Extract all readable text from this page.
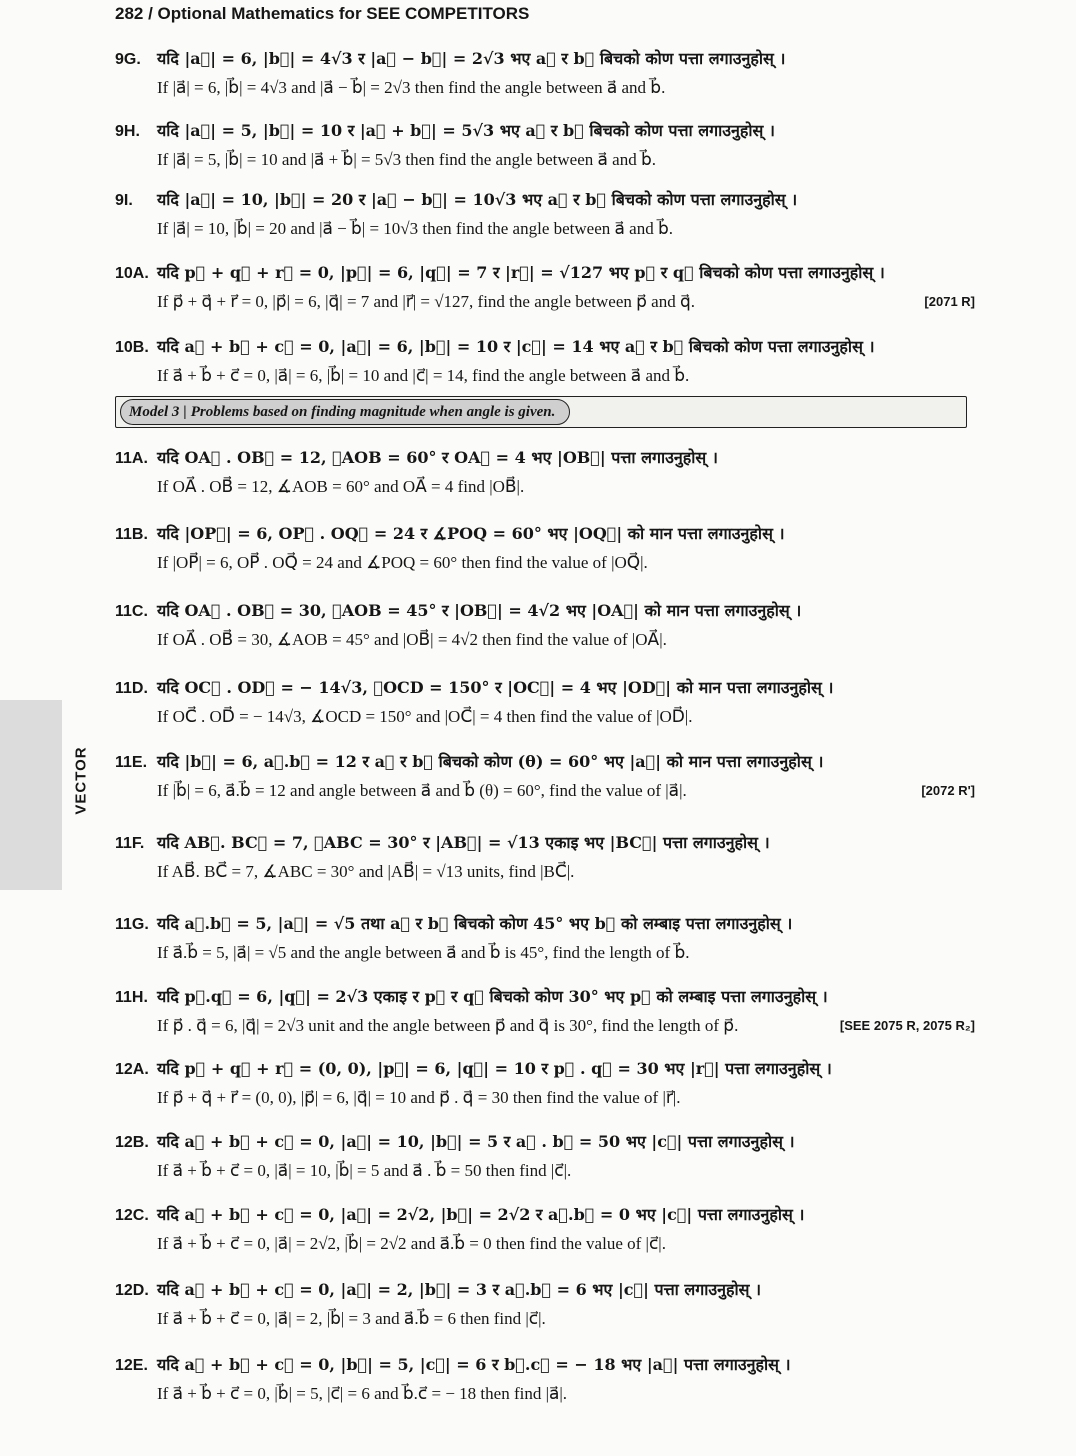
282 / Optional Mathematics for SEE COMPETITORS
VECTOR
9G. यदि |a⃗| = 6, |b⃗| = 4√3 र |a⃗ − b⃗| = 2√3 भए a⃗ र b⃗ बिचको कोण पत्ता लगाउनुहोस् ।
If |a⃗| = 6, |b⃗| = 4√3 and |a⃗ − b⃗| = 2√3 then find the angle between a⃗ and b⃗.
9H. यदि |a⃗| = 5, |b⃗| = 10 र |a⃗ + b⃗| = 5√3 भए a⃗ र b⃗ बिचको कोण पत्ता लगाउनुहोस् ।
If |a⃗| = 5, |b⃗| = 10 and |a⃗ + b⃗| = 5√3 then find the angle between a⃗ and b⃗.
9I. यदि |a⃗| = 10, |b⃗| = 20 र |a⃗ − b⃗| = 10√3 भए a⃗ र b⃗ बिचको कोण पत्ता लगाउनुहोस् ।
If |a⃗| = 10, |b⃗| = 20 and |a⃗ − b⃗| = 10√3 then find the angle between a⃗ and b⃗.
10A. यदि p⃗ + q⃗ + r⃗ = 0, |p⃗| = 6, |q⃗| = 7 र |r⃗| = √127 भए p⃗ र q⃗ बिचको कोण पत्ता लगाउनुहोस् ।
If p⃗ + q⃗ + r⃗ = 0, |p⃗| = 6, |q⃗| = 7 and |r⃗| = √127, find the angle between p⃗ and q⃗.	[2071 R]
10B. यदि a⃗ + b⃗ + c⃗ = 0, |a⃗| = 6, |b⃗| = 10 र |c⃗| = 14 भए a⃗ र b⃗ बिचको कोण पत्ता लगाउनुहोस् ।
If a⃗ + b⃗ + c⃗ = 0, |a⃗| = 6, |b⃗| = 10 and |c⃗| = 14, find the angle between a⃗ and b⃗.
Model 3 | Problems based on finding magnitude when angle is given.
11A. यदि OA⃗ . OB⃗ = 12, ∡AOB = 60° र OA⃗ = 4 भए |OB⃗| पत्ता लगाउनुहोस् ।
If OA⃗ . OB⃗ = 12, ∡AOB = 60° and OA⃗ = 4 find |OB⃗|.
11B. यदि |OP⃗| = 6, OP⃗ . OQ⃗ = 24 र ∡POQ = 60° भए |OQ⃗| को मान पत्ता लगाउनुहोस् ।
If |OP⃗| = 6, OP⃗ . OQ⃗ = 24 and ∡POQ = 60° then find the value of |OQ⃗|.
11C. यदि OA⃗ . OB⃗ = 30, ∡AOB = 45° र |OB⃗| = 4√2 भए |OA⃗| को मान पत्ता लगाउनुहोस् ।
If OA⃗ . OB⃗ = 30, ∡AOB = 45° and |OB⃗| = 4√2 then find the value of |OA⃗|.
11D. यदि OC⃗ . OD⃗ = − 14√3, ∡OCD = 150° र |OC⃗| = 4 भए |OD⃗| को मान पत्ता लगाउनुहोस् ।
If OC⃗ . OD⃗ = − 14√3, ∡OCD = 150° and |OC⃗| = 4 then find the value of |OD⃗|.
11E. यदि |b⃗| = 6, a⃗.b⃗ = 12 र a⃗ र b⃗ बिचको कोण (θ) = 60° भए |a⃗| को मान पत्ता लगाउनुहोस् ।
If |b⃗| = 6, a⃗.b⃗ = 12 and angle between a⃗ and b⃗ (θ) = 60°, find the value of |a⃗|.	[2072 R']
11F. यदि AB⃗. BC⃗ = 7, ∡ABC = 30° र |AB⃗| = √13 एकाइ भए |BC⃗| पत्ता लगाउनुहोस् ।
If AB⃗. BC⃗ = 7, ∡ABC = 30° and |AB⃗| = √13 units, find |BC⃗|.
11G. यदि a⃗.b⃗ = 5, |a⃗| = √5 तथा a⃗ र b⃗ बिचको कोण 45° भए b⃗ को लम्बाइ पत्ता लगाउनुहोस् ।
If a⃗.b⃗ = 5, |a⃗| = √5 and the angle between a⃗ and b⃗ is 45°, find the length of b⃗.
11H. यदि p⃗.q⃗ = 6, |q⃗| = 2√3 एकाइ र p⃗ र q⃗ बिचको कोण 30° भए p⃗ को लम्बाइ पत्ता लगाउनुहोस् ।
If p⃗ . q⃗ = 6, |q⃗| = 2√3 unit and the angle between p⃗ and q⃗ is 30°, find the length of p⃗.	[SEE 2075 R, 2075 R₂]
12A. यदि p⃗ + q⃗ + r⃗ = (0, 0), |p⃗| = 6, |q⃗| = 10 र p⃗ . q⃗ = 30 भए |r⃗| पत्ता लगाउनुहोस् ।
If p⃗ + q⃗ + r⃗ = (0, 0), |p⃗| = 6, |q⃗| = 10 and p⃗ . q⃗ = 30 then find the value of |r⃗|.
12B. यदि a⃗ + b⃗ + c⃗ = 0, |a⃗| = 10, |b⃗| = 5 र a⃗ . b⃗ = 50 भए |c⃗| पत्ता लगाउनुहोस् ।
If a⃗ + b⃗ + c⃗ = 0, |a⃗| = 10, |b⃗| = 5 and a⃗ . b⃗ = 50 then find |c⃗|.
12C. यदि a⃗ + b⃗ + c⃗ = 0, |a⃗| = 2√2, |b⃗| = 2√2 र a⃗.b⃗ = 0 भए |c⃗| पत्ता लगाउनुहोस् ।
If a⃗ + b⃗ + c⃗ = 0, |a⃗| = 2√2, |b⃗| = 2√2 and a⃗.b⃗ = 0 then find the value of |c⃗|.
12D. यदि a⃗ + b⃗ + c⃗ = 0, |a⃗| = 2, |b⃗| = 3 र a⃗.b⃗ = 6 भए |c⃗| पत्ता लगाउनुहोस् ।
If a⃗ + b⃗ + c⃗ = 0, |a⃗| = 2, |b⃗| = 3 and a⃗.b⃗ = 6 then find |c⃗|.
12E. यदि a⃗ + b⃗ + c⃗ = 0, |b⃗| = 5, |c⃗| = 6 र b⃗.c⃗ = − 18 भए |a⃗| पत्ता लगाउनुहोस् ।
If a⃗ + b⃗ + c⃗ = 0, |b⃗| = 5, |c⃗| = 6 and b⃗.c⃗ = − 18 then find |a⃗|.
